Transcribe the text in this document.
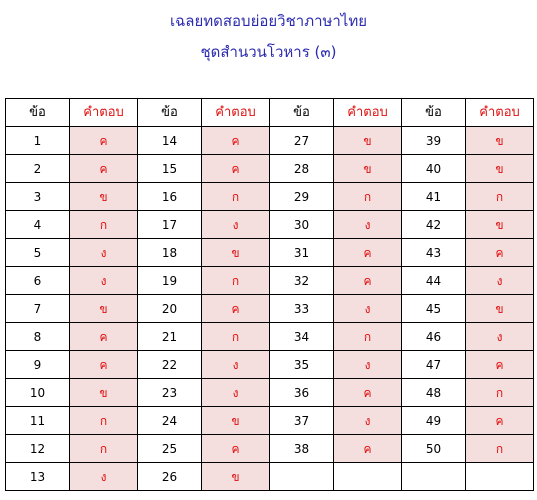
เฉลยทดสอบย่อยวิชาภาษาไทย
ชุดสำนวนโวหาร (๓)
ข้อ	คำตอบ	ข้อ	คำตอบ	ข้อ	คำตอบ	ข้อ	คำตอบ
1	ค	14	ค	27	ข	39	ข
2	ค	15	ค	28	ข	40	ข
3	ข	16	ก	29	ก	41	ก
4	ก	17	ง	30	ง	42	ข
5	ง	18	ข	31	ค	43	ค
6	ง	19	ก	32	ค	44	ง
7	ข	20	ค	33	ง	45	ข
8	ค	21	ก	34	ก	46	ง
9	ค	22	ง	35	ง	47	ค
10	ข	23	ง	36	ค	48	ก
11	ก	24	ข	37	ง	49	ค
12	ก	25	ค	38	ค	50	ก
13	ง	26	ข				
